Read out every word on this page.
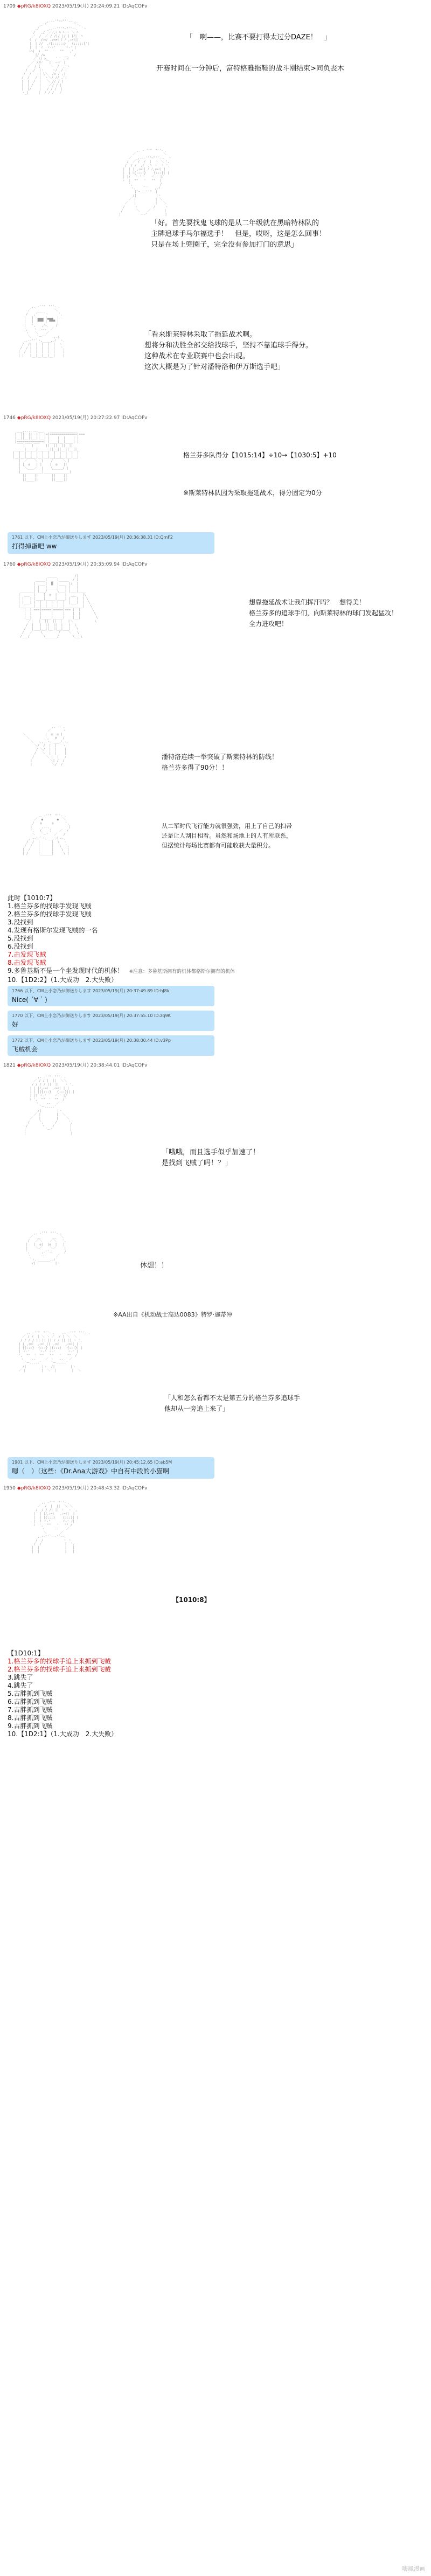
1709 ◆pRG/k8IOXQ 2023/05/19(月) 20:24:09.21 ID:AqCOFv
_,.-‐'"~~"''‐-.,_
,.'"              `ヽ、
,/    _,.-‐'''"~"''‐-、 `ヽ
/   ,/  ／ﾉ,ｲ ﾊ ﾊ ヽ ＼ ﾍ
,'  /  ／ / /|/ |/ | |ﾉ|  ﾊ
ｲ  /  /ﾚﾍ/ .ｨ=≠ﾐ ﾘ ﾉ ,ｨ=ﾐ||
|  | //  ,ｲ{::::::}   {:::::}'|
|  |  ｲ  ゞ--'     ゞ-' |
ﾚﾍ|  ∧  ""  '   ""   ,'
|/ /∧          __   /
／ // >、   ´ ` ,.ｲ
／ //ﾚ' ￣|` ーｧ´ |
／  / {     ヽ  /  ,'ヽ
/  ,/  |ヽ    ヽ/  / |
/  /   ,| \＼  /∨ / ,|
/  /   / |  ヽ＼/ // ,'|
|  |  /  |   ＼ // / |
|  | /   |    ／/ / |
|  |/    |   / / /  |
ヽ_|     |  / / /   ﾉ

「　啊——，比赛不要打得太过分DAZE！　」
开赛时间在一分钟后，富特格雅拖鞋的战斗刚结束>同负丧木
,. ‐ ''"￣"''‐ 、
／              ＼
／  _,.-‐''"~"''‐-、 ヽ
/  ／ /  /  |  ヽ ＼ ',
/  / /  ,ｲ  ,ﾊ  ﾄ  ヽ ',
|  | | ,ｨ=ﾐ| ﾉ ﾉ,ｨ=ﾐ| |
|  | ﾚ{::::}    {:::}| |
| |ｲ  ゞ-'     ゞ-' |ﾉ
ﾚ  |  ""   '   ""  |
',      __      /
ヽ、   ´     ,.ｲ
|`ｰ--‐''"  |
/|          |ヽ
／ |          | ＼
／   |          |   ＼
/     ヽ        /     ヽ
/       ＼    ／       |
|          ー‐'         |

「好。首先要找鬼飞球的是从二年级就在黑暗特林队的
主牌追球手马尔福选手！　但是，哎呀，这是怎么回事！
只是在场上兜圈子，完全没有参加打门的意思」
,. ‐''"￣"''‐ 、
／   ___      ＼
/   ,'   `ヽ     ',
|   |  ▄▄▄ |▄▄▄  |
|   |  ▀▀▀ | ▀▀▀ |
|   ',   ,ヘ、   /
',   ヽ  ‐‐‐  ／
ヽ   ＼    ／
＼   `ー'´    ,.ｨ
,.-‐''`ヽ,____,.ｲ `ヽ、
/  /|  |  |  |  |  ヽ
/  / |  |  |  |  |   ',
|  /  |  |  |  |  |    |
| |   |__|__|__|__|    |

「看来斯莱特林采取了拖延战术啊。
想将分和决胜全部交给找球手，坚持不靠追球手得分。
这种战术在专业联赛中也会出现。
这次大概是为了针对潘特洛和伊万斯选手吧」
1746 ◆pRG/k8IOXQ 2023/05/19(月) 20:27:22.97 ID:AqCOFv
___,,....,,___   ______________
|  ||  ||  ||  |=|==============|===
|__||__||__||__| |    |  |    | |
|==============| |____|__|____| |
￣￣|￣￣|￣￣   ||  ||  ||  ||
_____|_____|______||__||__||__||_
|  |  |  |  |  |  |  |  |  |  |  |
|__|__|__|__|__|__|__|__|__|__|__|
|  ／￣￣＼  |    /￣￣￣＼ |
| |  ◎   | |    |  ◎   ||
|  ＼＿＿／  |    \＿＿＿/ |
|___________|_____________|
||    ||       ||    ||
||____||       ||____||

格兰芬多队得分【1015:14】÷10→【1030:5】+10
※斯莱特林队因为采取拖延战术，得分固定为0分
1761 以下、CM上小恋乃が御送りします 2023/05/19(月) 20:36:38.31 ID:QmF2
打得掉蛋吧 ww
1760 ◆pRG/k8IOXQ 2023/05/19(月) 20:35:09.94 ID:AqCOFv
_____         /|
_____|     |_____  / |
|  ___|  ▓  |___  |/  |
| |   |_____|   | |   |
_______| |___/     \___| |___|____
|  ___  |    |  ◎  |    |  ___   |\
| |   | |____|_____|____| |   |  | \
| |___| |  |  |  |  |  |  |___|  |  \
|_______|__|__|__|__|__|_________|   \
|  | ===|=====|=====|=== |  |      \
|  |    |     |     |    |  |       \
|__|    |_____|_____|    |__|        \
／|   |  ||  ||  |   |＼           \
/  |   |  ||  ||  |   |  \
/   |___|__||__||__|___|   \
/   ／    \        /    ＼   \
/___/       \______/       \___\

想靠拖延战术让我们挥汗吗？　想得美！
格兰芬多的追球手们，向斯莱特林的球门发起猛攻！
全力进攻吧！
,. ‐- 、
／      ヽ
＼          |  ◎  ◎ |
＼        ',   ∀   /
＼   ,.-‐ヽ、___ノ‐-、
＼/  /  |  |   ヽ
/ ＼/  |  |    |
/   ＼  |  |    |
/      ＼ |  |   /
|         ＼| /  /
|          ＼/  /

潘特洛连续一举突破了斯莱特林的防线！
格兰芬多得了90分！！
,. ‐''"￣"''‐ 、
／  ●       ●  ＼
/   ◎     ◎      ',
|     ,.-、         |
',   (    )    ／  /
ヽ   `ー'   ／   /
,.-‐''`ヽ、__,.ｲ ‐-、
/  /  |      |  \  ヽ
/  /   |      |   \  ',
|  /    |      |    \  |
| /     |______|     \ |

从二军时代飞行能力就很强劲，用上了自己的扫帚
还是让人刮目相看。虽然和场地上的人有所联系，
但据统计每场比赛都有可能收获大量积分。
此时【1010:7】
1.格兰芬多的找球手发现飞贼
2.格兰芬多的找球手发现飞贼
3.没找到
4.发现有格斯尔发现飞贼的一名
5.没找到
6.没找到
7.击发现飞贼
8.击发现飞贼
9.多鲁基斯不是一个坐发现时代的机体！ ※注意：多鲁基斯拥有的机体都格斯尔拥有的机体
10.【1D2:2】（1.大成功　2.大失败）
1766 以下、CM上小恋乃が御送りします 2023/05/19(月) 20:37:49.89 ID:hJ8k
Nice( ´∀｀)
1770 以下、CM上小恋乃が御送りします 2023/05/19(月) 20:37:55.10 ID:zq9K
好
1772 以下、CM上小恋乃が御送りします 2023/05/19(月) 20:38:00.44 ID:v3Pp
飞贼机会
1821 ◆pRG/k8IOXQ 2023/05/19(月) 20:38:44.01 ID:AqCOFv
,. ‐''"￣"''‐ 、
／ / / |  ||  ＼＼
/ / / / ||  ||   ヽ ',
| | |ﾉ,ｨ=ﾐ  ,ｨ=ﾐ| | |
| | ||{:::}   {:::}|| |
| |ﾘ ゞ-'    ゞ-' |/
ﾚ ',  ""  '  ""  /
ヽ    ‐‐   ／
`ー‐---‐´
/|        |ヽ
／ |        |  ＼
／   |        |    ＼
/     ',      /      ',
/       ヽ    /        |
|          `ー'         |
|                       |

「哦哦，而且选手似乎加速了！
是找到飞贼了吗！？」
,. ‐''"￣"''‐ 、
／  __      __  ＼
/   ／＼    ／＼   ',
|   |  ◎|  |◎  |   |
|    ＼／    ＼／    |
',      ,‐'`‐、     /
ヽ     ‐‐‐     ／
`ヽ、______,.ｨ´
/|          |ヽ	休想！！
※AA出自《机动战士高达0083》特罗·施蒂冲
,. ‐''"￣"''‐ 、   ,. ‐''"￣"''‐ 、
／ / /  | ＼ ヽ ／  / | ＼  ＼
/ / / / || || || / / || || ヽ ',
| | ,ｨ=ﾐ  ,ｨ=ﾐ || ,ｨ=ﾐ   ,ｨ=ﾐ| |
| |{:::}  {:::} |{:::}   {:::}| |
| ゞ-'     ゞ-' ゞ-'      ゞ-' |
',  ""  '  ""   ""   '   ""  /
ヽ    ‐‐     ／ ヽ   ‐‐   ／
`ー‐---‐´     `ー‐---‐´
/|        |ヽ  /|        |ヽ
／ |        |  ＼  |        |  ＼

「人和怎么看都不太是第五分的格兰芬多追球手
他却从一旁追上来了」
1901 以下、CM上小恋乃が御送りします 2023/05/19(月) 20:45:12.65 ID:ab5M
嗯（　）（这些：《Dr.Ana大游戏》中自有中段的小猫啊
1950 ◆pRG/k8IOXQ 2023/05/19(月) 20:48:43.32 ID:AqCOFv
,. ‐''"￣"''‐ 、
／  /  |  ||  ＼ ＼
/  / / /| || ヽ  ヽ ',
|  | |ﾉ,ｨ=ﾐ   ,ｨ=ﾐ|  |
|  | |{:::}    {:::}| |
|  ﾘ ゞ-'      ゞ-' ﾉ|
ﾚ  ',  ""   '   "" /
ヽ     ‐‐    ／
＼       ／
,.-‐''`ー‐'´‐-、
/  /          ヽ ヽ
/  /            |  ',
|  |             |   |
|  |             |   |

【1010:8】
【1D10:1】
1.格兰芬多的找球手追上来抓到飞贼
2.格兰芬多的找球手追上来抓到飞贼
3.跳失了
4.跳失了
5.古胖抓到飞贼
6.古胖抓到飞贼
7.古胖抓到飞贼
8.古胖抓到飞贼
9.古胖抓到飞贼
10.【1D2:1】（1.大成功　2.大失败）
嗨鳳漫画
